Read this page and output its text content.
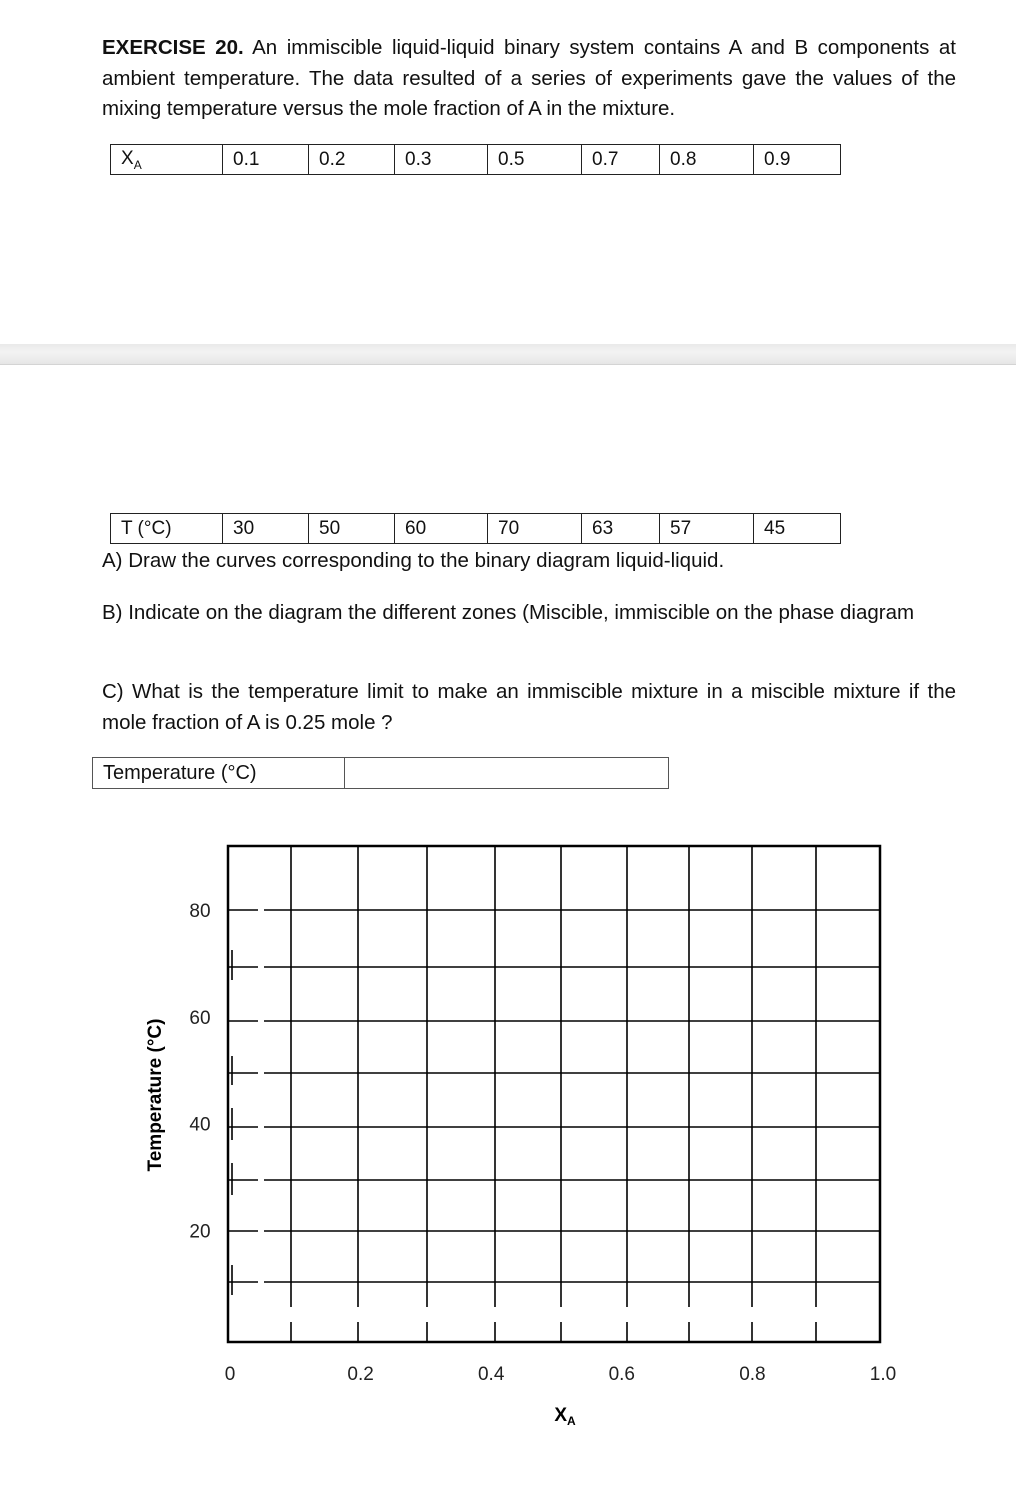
EXERCISE 20. An immiscible liquid-liquid binary system contains A and B components at ambient temperature. The data resulted of a series of experiments gave the values of the mixing temperature versus the mole fraction of A in the mixture.

$X_A$	0.1	0.2	0.3	0.5	0.7	0.8	0.9
T (°C)	30	50	60	70	63	57	45

A) Draw the curves corresponding to the binary diagram liquid-liquid.

B) Indicate on the diagram the different zones (Miscible, immiscible on the phase diagram

C) What is the temperature limit to make an immiscible mixture in a miscible mixture if the mole fraction of A is 0.25 mole ?

Temperature (°C)	
0	0.2	0.4	0.6	0.8	1.0
20
40
60
80
$X_A$
Temperature (°C)
